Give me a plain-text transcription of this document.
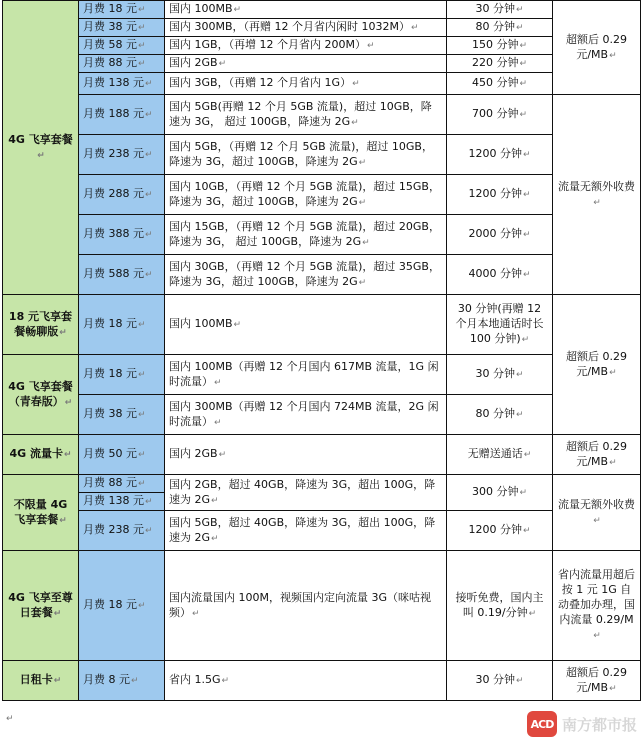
4G 飞享套餐↵	月费 18 元↵	国内 100MB↵	30 分钟↵	超额后 0.29 元/MB↵
	月费 38 元↵	国内 300MB，（再赠 12 个月省内闲时 1032M）↵	80 分钟↵	
	月费 58 元↵	国内 1GB，（再增 12 个月省内 200M）↵	150 分钟↵	
	月费 88 元↵	国内 2GB↵	220 分钟↵	
	月费 138 元↵	国内 3GB，（再赠 12 个月省内 1G）↵	450 分钟↵	
	月费 188 元↵	国内 5GB(再赠 12 个月 5GB 流量)，超过 10GB，降速为 3G， 超过 100GB，降速为 2G↵	700 分钟↵	流量无额外收费↵
	月费 238 元↵	国内 5GB，（再赠 12 个月 5GB 流量)，超过 10GB，降速为 3G，超过 100GB，降速为 2G↵	1200 分钟↵	
	月费 288 元↵	国内 10GB，（再赠 12 个月 5GB 流量)，超过 15GB，降速为 3G，超过 100GB，降速为 2G↵	1200 分钟↵	
	月费 388 元↵	国内 15GB，（再赠 12 个月 5GB 流量)，超过 20GB，降速为 3G， 超过 100GB，降速为 2G↵	2000 分钟↵	
	月费 588 元↵	国内 30GB，（再赠 12 个月 5GB 流量)，超过 35GB，降速为 3G，超过 100GB，降速为 2G↵	4000 分钟↵	
18 元飞享套餐畅聊版↵	月费 18 元↵	国内 100MB↵	30 分钟(再赠 12 个月本地通话时长 100 分钟)↵	超额后 0.29 元/MB↵
4G 飞享套餐（青春版）↵	月费 18 元↵	国内 100MB（再赠 12 个月国内 617MB 流量，1G 闲时流量）↵	30 分钟↵	
	月费 38 元↵	国内 300MB（再赠 12 个月国内 724MB 流量，2G 闲时流量）↵	80 分钟↵	
4G 流量卡↵	月费 50 元↵	国内 2GB↵	无赠送通话↵	超额后 0.29 元/MB↵
不限量 4G 飞享套餐↵	月费 88 元↵	国内 2GB，超过 40GB，降速为 3G，超出 100G，降速为 2G↵	300 分钟↵	流量无额外收费↵
	月费 138 元↵			
	月费 238 元↵	国内 5GB，超过 40GB，降速为 3G，超出 100G，降速为 2G↵	1200 分钟↵	
4G 飞享至尊日套餐↵	月费 18 元↵	国内流量国内 100M，视频国内定向流量 3G（咪咕视频）↵	接听免费，国内主叫 0.19/分钟↵	省内流量用超后按 1 元 1G 自动叠加办理，国内流量 0.29/M↵
日租卡↵	月费 8 元↵	省内 1.5G↵	30 分钟↵	超额后 0.29 元/MB↵
↵	ACD 南方都市报
